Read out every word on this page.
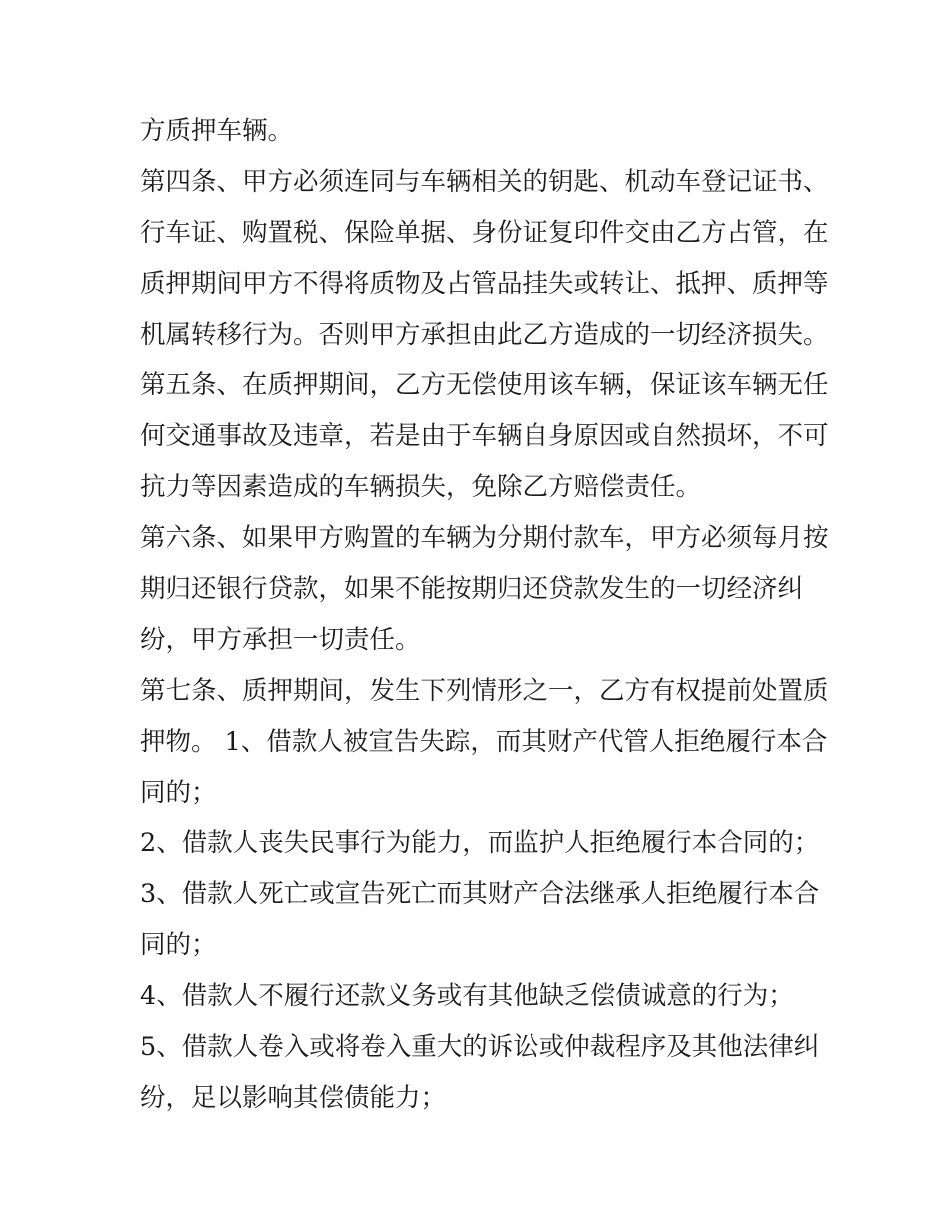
方质押车辆。
第四条、甲方必须连同与车辆相关的钥匙、机动车登记证书、
行车证、购置税、保险单据、身份证复印件交由乙方占管，在
质押期间甲方不得将质物及占管品挂失或转让、抵押、质押等
机属转移行为。否则甲方承担由此乙方造成的一切经济损失。
第五条、在质押期间，乙方无偿使用该车辆，保证该车辆无任
何交通事故及违章，若是由于车辆自身原因或自然损坏，不可
抗力等因素造成的车辆损失，免除乙方赔偿责任。
第六条、如果甲方购置的车辆为分期付款车，甲方必须每月按
期归还银行贷款，如果不能按期归还贷款发生的一切经济纠
纷，甲方承担一切责任。
第七条、质押期间，发生下列情形之一，乙方有权提前处置质
押物。 1、借款人被宣告失踪，而其财产代管人拒绝履行本合
同的；
2、借款人丧失民事行为能力，而监护人拒绝履行本合同的；
3、借款人死亡或宣告死亡而其财产合法继承人拒绝履行本合
同的；
4、借款人不履行还款义务或有其他缺乏偿债诚意的行为；
5、借款人卷入或将卷入重大的诉讼或仲裁程序及其他法律纠
纷，足以影响其偿债能力；
